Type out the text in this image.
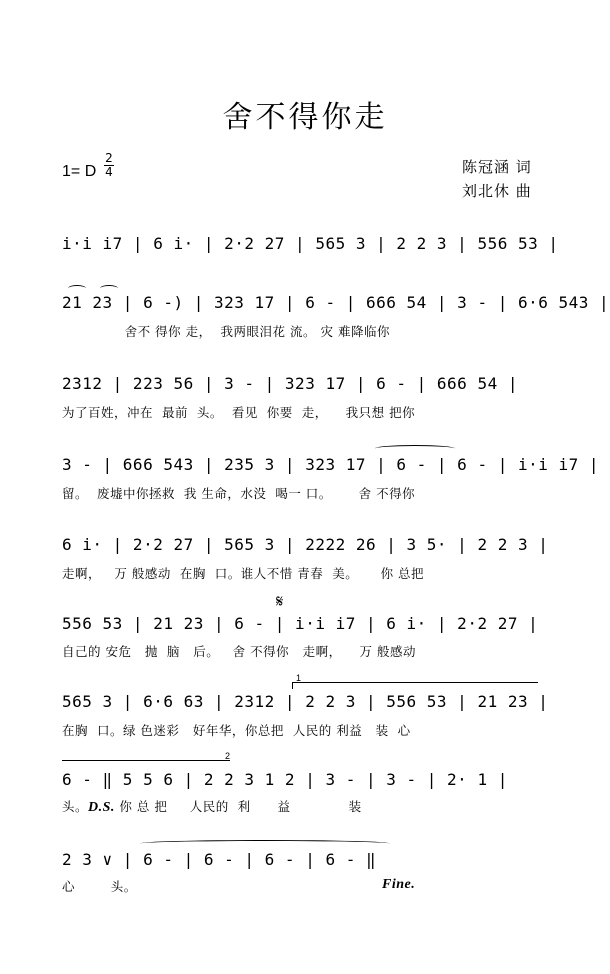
舍不得你走
1= D
2
4	陈冠涵 词
刘北休 曲
i·i i7 | 6 i· | 2·2 27 | 565 3 | 2 2 3 | 556 53 |
21 23 | 6 -) | 323 17 | 6 - | 666 54 | 3 - | 6·6 543 |
舍不 得你 走，  我两眼泪花 流。 灾 难降临你
2312 | 223 56 | 3 - | 323 17 | 6 - | 666 54 |
为了百姓，冲在  最前  头。  看见  你要  走，    我只想 把你
3 - | 666 543 | 235 3 | 323 17 | 6 - | 6 - | i·i i7 |
留。  废墟中你拯救  我 生命，水没  喝一 口。      舍 不得你
6 i· | 2·2 27 | 565 3 | 2222 26 | 3 5· | 2 2 3 |
走啊，   万 般感动  在胸  口。谁人不惜 青春  美。     你 总把
𝄋
556 53 | 21 23 | 6 - | i·i i7 | 6 i· | 2·2 27 |
自己的 安危   抛  脑   后。   舍 不得你   走啊，    万 般感动
1
565 3 | 6·6 63 | 2312 | 2 2 3 | 556 53 | 21 23 |
在胸  口。绿 色迷彩   好年华，你总把  人民的 利益   装  心
2
6 - ‖ 5 5 6 | 2 2 3 1 2 | 3 - | 3 - | 2· 1 |
头。D.S. 你 总 把     人民的  利      益             装
2 3 ∨ | 6 - | 6 - | 6 - | 6 - ‖
心        头。	Fine.
